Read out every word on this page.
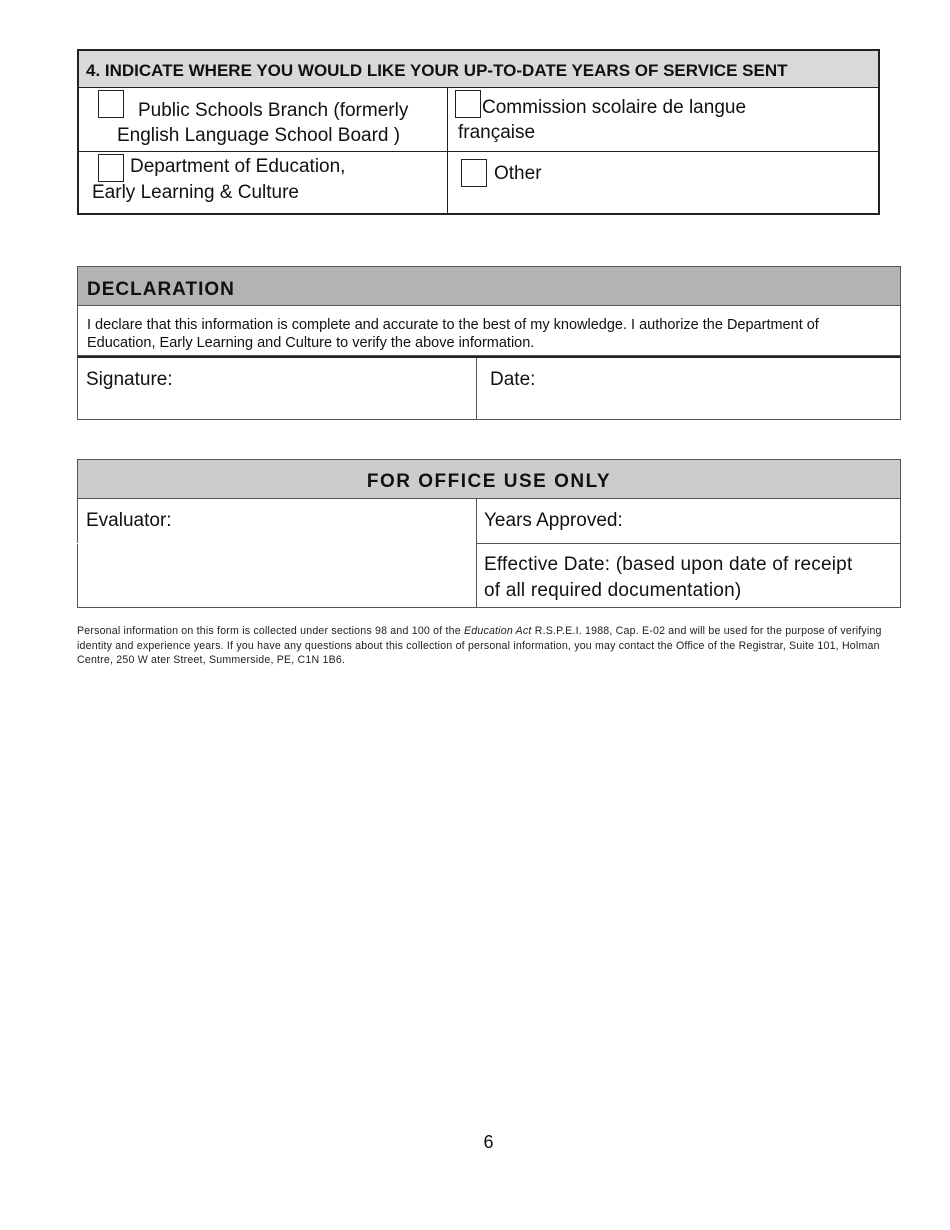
4. INDICATE WHERE YOU WOULD LIKE YOUR UP-TO-DATE YEARS OF SERVICE SENT
Public Schools Branch (formerly
English Language School Board )
Commission scolaire de langue
française
Department of Education,
Early Learning & Culture
Other
DECLARATION
I declare that this information is complete and accurate to the best of my knowledge. I authorize the Department of Education, Early Learning and Culture to verify the above information.
Signature:	Date:
FOR OFFICE USE ONLY
Evaluator:	Years Approved:
Effective Date: (based upon date of receipt
of all required documentation)
Personal information on this form is collected under sections 98 and 100 of the Education Act R.S.P.E.I. 1988, Cap. E-02 and will be used for the purpose of verifying identity and experience years. If you have any questions about this collection of personal information, you may contact the Office of the Registrar, Suite 101, Holman Centre, 250 W ater Street, Summerside, PE, C1N 1B6.
6
